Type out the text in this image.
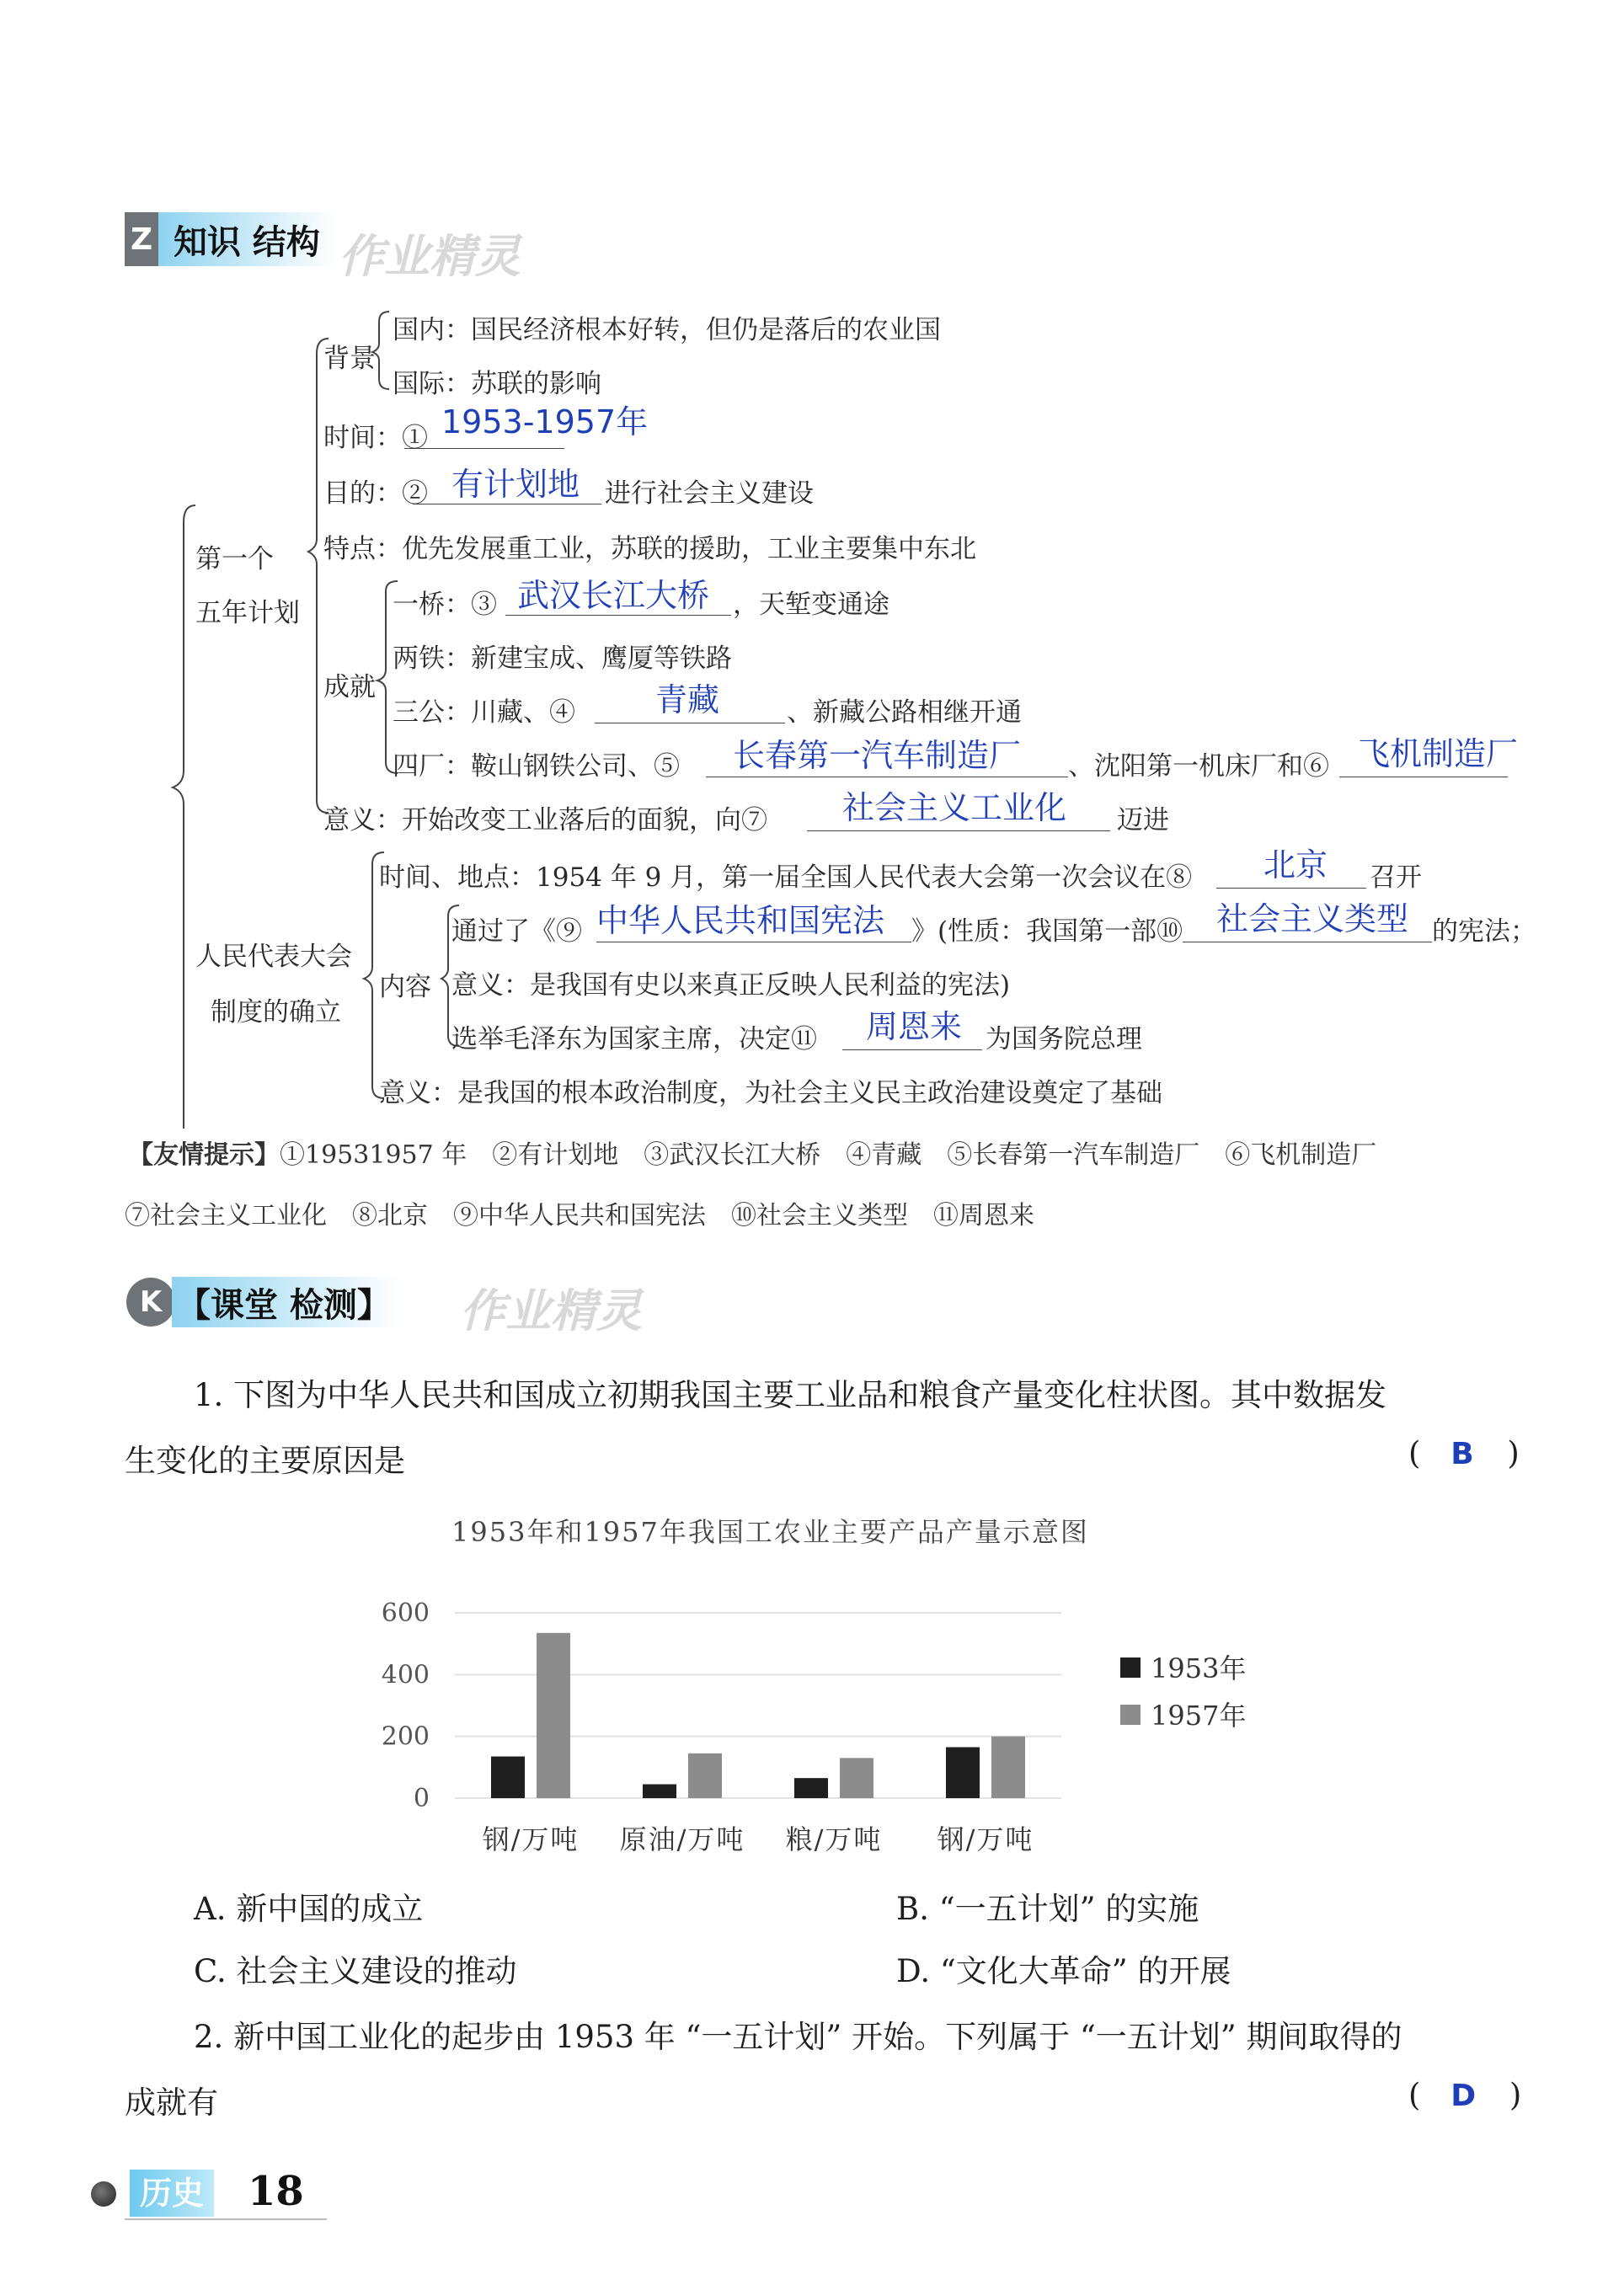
Z 知识 结构 作业精灵
第一个
五年计划
背景
国内：国民经济根本好转，但仍是落后的农业国
国际：苏联的影响
时间：① 1953-1957年
目的：② 有计划地 进行社会主义建设
特点：优先发展重工业，苏联的援助，工业主要集中东北
成就
一桥：③ 武汉长江大桥 ，天堑变通途
两铁：新建宝成、鹰厦等铁路
三公：川藏、④	青藏	、新藏公路相继开通
四厂：鞍山钢铁公司、⑤ 长春第一汽车制造厂 、沈阳第一机床厂和⑥ 飞机制造厂
意义：开始改变工业落后的面貌，向⑦ 社会主义工业化 迈进
人民代表大会
制度的确立
时间、地点：1954 年 9 月，第一届全国人民代表大会第一次会议在⑧ 北京 召开
内容
通过了《⑨ 中华人民共和国宪法 》(性质：我国第一部⑩ 社会主义类型 的宪法；
意义：是我国有史以来真正反映人民利益的宪法)
选举毛泽东为国家主席，决定⑪ 周恩来 为国务院总理
意义：是我国的根本政治制度，为社会主义民主政治建设奠定了基础
【友情提示】①19531957 年　②有计划地　③武汉长江大桥　④青藏　⑤长春第一汽车制造厂　⑥飞机制造厂
⑦社会主义工业化　⑧北京　⑨中华人民共和国宪法　⑩社会主义类型　⑪周恩来
K 【课堂 检测】 作业精灵
1. 下图为中华人民共和国成立初期我国主要工业品和粮食产量变化柱状图。其中数据发
生变化的主要原因是	( B )
1953年和1957年我国工农业主要产品产量示意图
0
200
400
600
钢/万吨 原油/万吨 粮/万吨 钢/万吨
1953年
1957年
A. 新中国的成立	B. “一五计划” 的实施
C. 社会主义建设的推动	D. “文化大革命” 的开展
2. 新中国工业化的起步由 1953 年 “一五计划” 开始。下列属于 “一五计划” 期间取得的
成就有	( D )
历史 18
